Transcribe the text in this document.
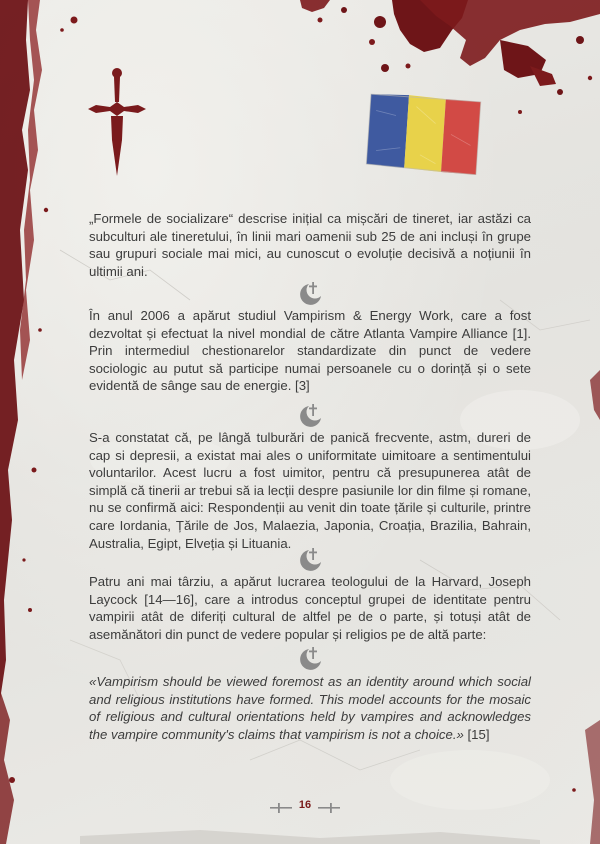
„Formele de socializare“ descrise inițial ca mișcări de tineret, iar astăzi ca subculturi ale tineretului, în linii mari oamenii sub 25 de ani incluși în grupe sau grupuri sociale mai mici, au cunoscut o evoluție decisivă a noțiunii în ultimii ani.

În anul 2006 a apărut studiul Vampirism & Energy Work, care a fost dezvoltat și efectuat la nivel mondial de către Atlanta Vampire Alliance [1]. Prin intermediul chestionarelor standardizate din punct de vedere sociologic au putut să participe numai persoanele cu o dorință și o sete evidentă de sânge sau de energie. [3]

S-a constatat că, pe lângă tulburări de panică frecvente, astm, dureri de cap si depresii, a existat mai ales o uniformitate uimitoare a sentimentului voluntarilor. Acest lucru a fost uimitor, pentru că presupunerea atât de simplă că tinerii ar trebui să ia lecții despre pasiunile lor din filme și romane, nu se confirmă aici: Respondenții au venit din toate țările și culturile, printre care Iordania, Țările de Jos, Malaezia, Japonia, Croația, Brazilia, Bahrain, Australia, Egipt, Elveția și Lituania.

Patru ani mai târziu, a apărut lucrarea teologului de la Harvard, Joseph Laycock [14—16], care a introdus conceptul grupei de identitate pentru vampirii atât de diferiți cultural de altfel pe de o parte, și totuși atât de asemănători din punct de vedere popular și religios pe de altă parte:

«Vampirism should be viewed foremost as an identity around which social and religious institutions have formed. This model accounts for the mosaic of religious and cultural orientations held by vampires and acknowledges the vampire community's claims that vampirism is not a choice.» [15]

16
